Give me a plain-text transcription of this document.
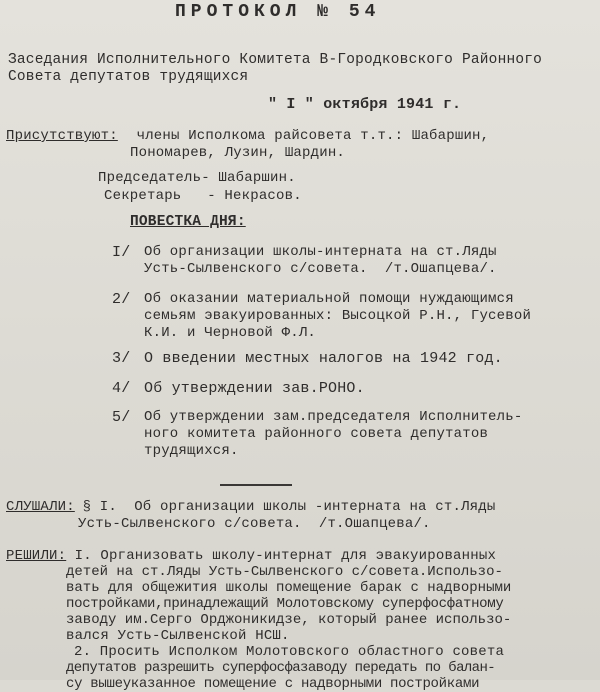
ПРОТОКОЛ № 54
Заседания Исполнительного Комитета В-Городковского Районного
Совета депутатов трудящихся
" I " октября 1941 г.
Присутствуют: члены Исполкома райсовета т.т.: Шабаршин,
Пономарев, Лузин, Шардин.
Председатель- Шабаршин.
Секретарь   - Некрасов.
ПОВЕСТКА ДНЯ:
I/ Об организации школы-интерната на ст.Ляды
Усть-Сылвенского с/совета.  /т.Ошапцева/.
2/ Об оказании материальной помощи нуждающимся
семьям эвакуированных: Высоцкой Р.Н., Гусевой
К.И. и Черновой Ф.Л.
3/ О введении местных налогов на 1942 год.
4/ Об утверждении зав.РОНО.
5/ Об утверждении зам.председателя Исполнитель-
ного комитета районного совета депутатов
трудящихся.
СЛУШАЛИ: § I.  Об организации школы -интерната на ст.Ляды
Усть-Сылвенского с/совета.  /т.Ошапцева/.
РЕШИЛИ: I. Организовать школу-интернат для эвакуированных
детей на ст.Ляды Усть-Сылвенского с/совета.Использо-
вать для общежития школы помещение барак с надворными
постройками,принадлежащий Молотовскому суперфосфатному
заводу им.Серго Орджоникидзе, который ранее использо-
вался Усть-Сылвенской НСШ.
2. Просить Исполком Молотовского областного совета
депутатов разрешить суперфосфазаводу передать по балан-
су вышеуказанное помещение с надворными постройками
